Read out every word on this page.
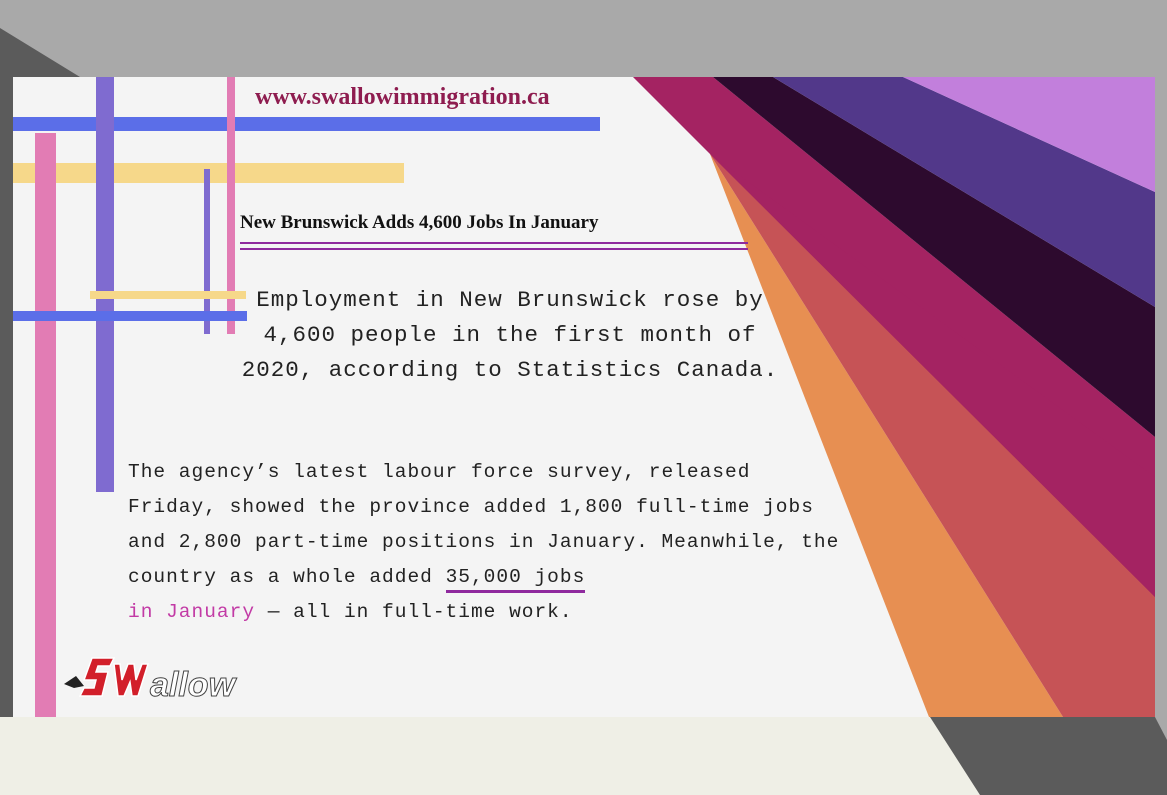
www.swallowimmigration.ca
New Brunswick Adds 4,600 Jobs In January
Employment in New Brunswick rose by 4,600 people in the first month of 2020, according to Statistics Canada.
The agency’s latest labour force survey, released Friday, showed the province added 1,800 full-time jobs and 2,800 part-time positions in January. Meanwhile, the country as a whole added 35,000 jobs
in January — all in full-time work.
allow
